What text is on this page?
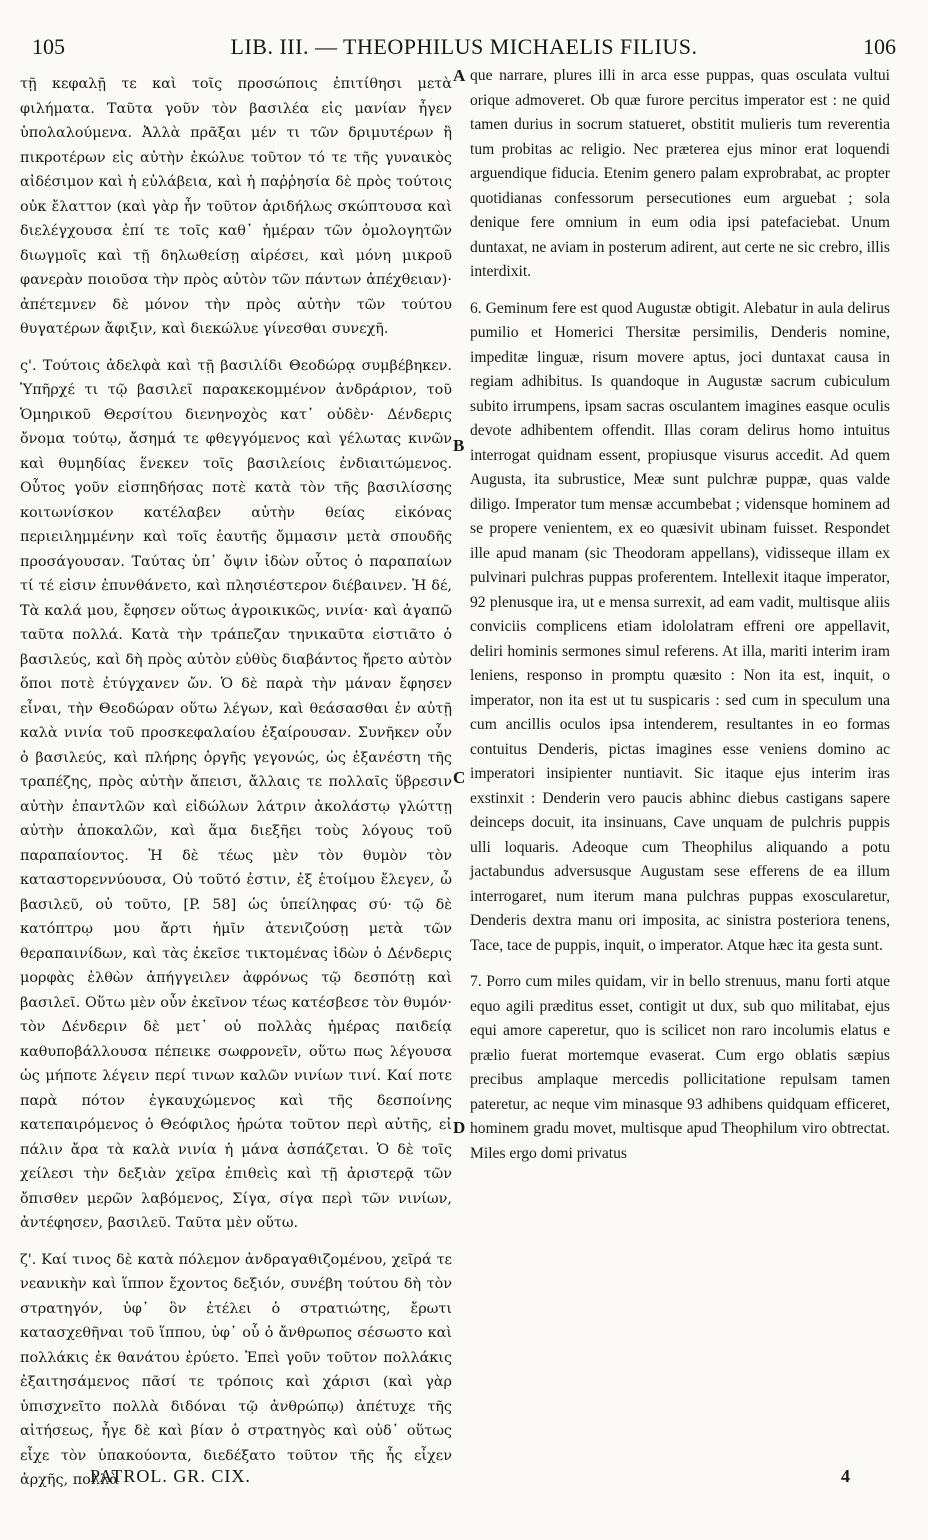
105	LIB. III. — THEOPHILUS MICHAELIS FILIUS.	106

τῇ κεφαλῇ τε καὶ τοῖς προσώποις ἐπιτίθησι μετὰ φιλήματα. Ταῦτα γοῦν τὸν βασιλέα εἰς μανίαν ἦγεν ὑπολαλούμενα. Ἀλλὰ πρᾶξαι μέν τι τῶν δριμυτέρων ἢ πικροτέρων εἰς αὐτὴν ἐκώλυε τοῦτον τό τε τῆς γυναικὸς αἰδέσιμον καὶ ἡ εὐλάβεια, καὶ ἡ παῤῥησία δὲ πρὸς τούτοις οὐκ ἔλαττον (καὶ γὰρ ἦν τοῦτον ἀριδήλως σκώπτουσα καὶ διελέγχουσα ἐπί τε τοῖς καθ᾿ ἡμέραν τῶν ὁμολογητῶν διωγμοῖς καὶ τῇ δηλωθείσῃ αἱρέσει, καὶ μόνη μικροῦ φανερὰν ποιοῦσα τὴν πρὸς αὐτὸν τῶν πάντων ἀπέχθειαν)· ἀπέτεμνεν δὲ μόνον τὴν πρὸς αὐτὴν τῶν τούτου θυγατέρων ἄφιξιν, καὶ διεκώλυε γίνεσθαι συνεχῆ.

ς'. Τούτοις ἀδελφὰ καὶ τῇ βασιλίδι Θεοδώρᾳ συμβέβηκεν. Ὑπῆρχέ τι τῷ βασιλεῖ παρακεκομμένον ἀνδράριον, τοῦ Ὁμηρικοῦ Θερσίτου διενηνοχὸς κατ᾿ οὐδὲν· Δένδερις ὄνομα τούτῳ, ἄσημά τε φθεγγόμενος καὶ γέλωτας κινῶν καὶ θυμηδίας ἕνεκεν τοῖς βασιλείοις ἐνδιαιτώμενος. Οὗτος γοῦν εἰσπηδήσας ποτὲ κατὰ τὸν τῆς βασιλίσσης κοιτωνίσκον κατέλαβεν αὐτὴν θείας εἰκόνας περιειλημμένην καὶ τοῖς ἑαυτῆς ὄμμασιν μετὰ σπουδῆς προσάγουσαν. Ταύτας ὑπ᾿ ὄψιν ἰδὼν οὗτος ὁ παραπαίων τί τέ εἰσιν ἐπυνθάνετο, καὶ πλησιέστερον διέβαινεν. Ἡ δέ, Τὰ καλά μου, ἔφησεν οὕτως ἀγροικικῶς, νινία· καὶ ἀγαπῶ ταῦτα πολλά. Κατὰ τὴν τράπεζαν τηνικαῦτα εἱστιᾶτο ὁ βασιλεύς, καὶ δὴ πρὸς αὐτὸν εὐθὺς διαβάντος ἤρετο αὐτὸν ὅποι ποτὲ ἐτύγχανεν ὤν. Ὁ δὲ παρὰ τὴν μάναν ἔφησεν εἶναι, τὴν Θεοδώραν οὕτω λέγων, καὶ θεάσασθαι ἐν αὐτῇ καλὰ νινία τοῦ προσκεφαλαίου ἐξαίρουσαν. Συνῆκεν οὖν ὁ βασιλεύς, καὶ πλήρης ὀργῆς γεγονώς, ὡς ἐξανέστη τῆς τραπέζης, πρὸς αὐτὴν ἄπεισι, ἄλλαις τε πολλαῖς ὕβρεσιν αὐτὴν ἐπαντλῶν καὶ εἰδώλων λάτριν ἀκολάστῳ γλώττῃ αὐτὴν ἀποκαλῶν, καὶ ἅμα διεξῆει τοὺς λόγους τοῦ παραπαίοντος. Ἡ δὲ τέως μὲν τὸν θυμὸν τὸν καταστορεννύουσα, Οὐ τοῦτό ἐστιν, ἐξ ἑτοίμου ἔλεγεν, ὦ βασιλεῦ, οὐ τοῦτο, [P. 58] ὡς ὑπείληφας σύ· τῷ δὲ κατόπτρῳ μου ἄρτι ἡμῖν ἀτενιζούσῃ μετὰ τῶν θεραπαινίδων, καὶ τὰς ἐκεῖσε τικτομένας ἰδὼν ὁ Δένδερις μορφὰς ἐλθὼν ἀπήγγειλεν ἀφρόνως τῷ δεσπότῃ καὶ βασιλεῖ. Οὕτω μὲν οὖν ἐκεῖνον τέως κατέσβεσε τὸν θυμόν· τὸν Δένδεριν δὲ μετ᾿ οὐ πολλὰς ἡμέρας παιδείᾳ καθυποβάλλουσα πέπεικε σωφρονεῖν, οὕτω πως λέγουσα ὡς μήποτε λέγειν περί τινων καλῶν νινίων τινί. Καί ποτε παρὰ πότον ἐγκαυχώμενος καὶ τῆς δεσποίνης κατεπαιρόμενος ὁ Θεόφιλος ἠρώτα τοῦτον περὶ αὐτῆς, εἰ πάλιν ἄρα τὰ καλὰ νινία ἡ μάνα ἀσπάζεται. Ὁ δὲ τοῖς χείλεσι τὴν δεξιὰν χεῖρα ἐπιθεὶς καὶ τῇ ἀριστερᾷ τῶν ὄπισθεν μερῶν λαβόμενος, Σίγα, σίγα περὶ τῶν νινίων, ἀντέφησεν, βασιλεῦ. Ταῦτα μὲν οὕτω.

ζ'. Καί τινος δὲ κατὰ πόλεμον ἀνδραγαθιζομένου, χεῖρά τε νεανικὴν καὶ ἵππον ἔχοντος δεξιόν, συνέβη τούτου δὴ τὸν στρατηγόν, ὑφ᾿ ὃν ἐτέλει ὁ στρατιώτης, ἔρωτι κατασχεθῆναι τοῦ ἵππου, ὑφ᾿ οὗ ὁ ἄνθρωπος σέσωστο καὶ πολλάκις ἐκ θανάτου ἐρύετο. Ἐπεὶ γοῦν τοῦτον πολλάκις ἐξαιτησάμενος πᾶσί τε τρόποις καὶ χάρισι (καὶ γὰρ ὑπισχνεῖτο πολλὰ διδόναι τῷ ἀνθρώπῳ) ἀπέτυχε τῆς αἰτήσεως, ἦγε δὲ καὶ βίαν ὁ στρατηγὸς καὶ οὐδ᾿ οὕτως εἶχε τὸν ὑπακούοντα, διεδέξατο τοῦτον τῆς ἧς εἶχεν ἀρχῆς, πολλὰ

A
B
C
D

que narrare, plures illi in arca esse puppas, quas osculata vultui orique admoveret. Ob quæ furore percitus imperator est : ne quid tamen durius in socrum statueret, obstitit mulieris tum reverentia tum probitas ac religio. Nec præterea ejus minor erat loquendi arguendique fiducia. Etenim genero palam exprobrabat, ac propter quotidianas confessorum persecutiones eum arguebat ; sola denique fere omnium in eum odia ipsi patefaciebat. Unum duntaxat, ne aviam in posterum adirent, aut certe ne sic crebro, illis interdixit.

6. Geminum fere est quod Augustæ obtigit. Alebatur in aula delirus pumilio et Homerici Thersitæ persimilis, Denderis nomine, impeditæ linguæ, risum movere aptus, joci duntaxat causa in regiam adhibitus. Is quandoque in Augustæ sacrum cubiculum subito irrumpens, ipsam sacras osculantem imagines easque oculis devote adhibentem offendit. Illas coram delirus homo intuitus interrogat quidnam essent, propiusque visurus accedit. Ad quem Augusta, ita subrustice, Meæ sunt pulchræ puppæ, quas valde diligo. Imperator tum mensæ accumbebat ; vidensque hominem ad se propere venientem, ex eo quæsivit ubinam fuisset. Respondet ille apud manam (sic Theodoram appellans), vidisseque illam ex pulvinari pulchras puppas proferentem. Intellexit itaque imperator, 92 plenusque ira, ut e mensa surrexit, ad eam vadit, multisque aliis conviciis complicens etiam idololatram effreni ore appellavit, deliri hominis sermones simul referens. At illa, mariti interim iram leniens, responso in promptu quæsito : Non ita est, inquit, o imperator, non ita est ut tu suspicaris : sed cum in speculum una cum ancillis oculos ipsa intenderem, resultantes in eo formas contuitus Denderis, pictas imagines esse veniens domino ac imperatori insipienter nuntiavit. Sic itaque ejus interim iras exstinxit : Denderin vero paucis abhinc diebus castigans sapere deinceps docuit, ita insinuans, Cave unquam de pulchris puppis ulli loquaris. Adeoque cum Theophilus aliquando a potu jactabundus adversusque Augustam sese efferens de ea illum interrogaret, num iterum mana pulchras puppas exoscularetur, Denderis dextra manu ori imposita, ac sinistra posteriora tenens, Tace, tace de puppis, inquit, o imperator. Atque hæc ita gesta sunt.

7. Porro cum miles quidam, vir in bello strenuus, manu forti atque equo agili præditus esset, contigit ut dux, sub quo militabat, ejus equi amore caperetur, quo is scilicet non raro incolumis elatus e prælio fuerat mortemque evaserat. Cum ergo oblatis sæpius precibus amplaque mercedis pollicitatione repulsam tamen pateretur, ac neque vim minasque 93 adhibens quidquam efficeret, hominem gradu movet, multisque apud Theophilum viro obtrectat. Miles ergo domi privatus

PATROL. GR. CIX.	4
